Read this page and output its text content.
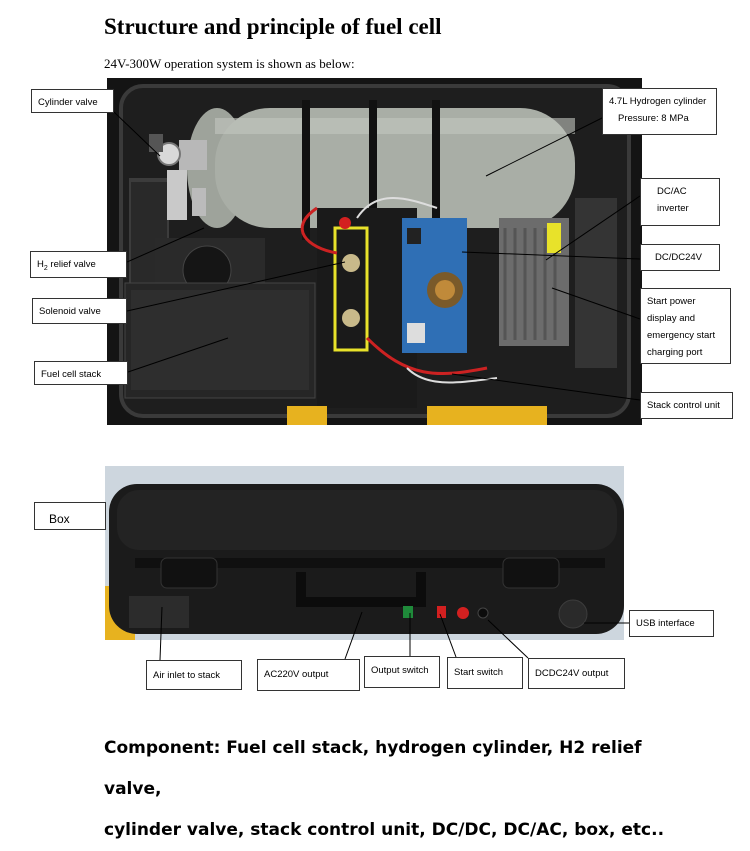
Structure and principle of fuel cell
24V-300W operation system is shown as below:
Cylinder valve	4.7L Hydrogen cylinder
Pressure: 8 MPa
DC/AC
inverter
$H_2$ relief valve
DC/DC24V
Start power
display and
emergency start
charging port
Solenoid valve
Fuel cell stack
Stack control unit
Box
USB interface
Air inlet to stack	AC220V output	Output switch	Start switch	DCDC24V output
Component: Fuel cell stack, hydrogen cylinder, H2 relief valve,
cylinder valve, stack control unit, DC/DC, DC/AC, box, etc..
